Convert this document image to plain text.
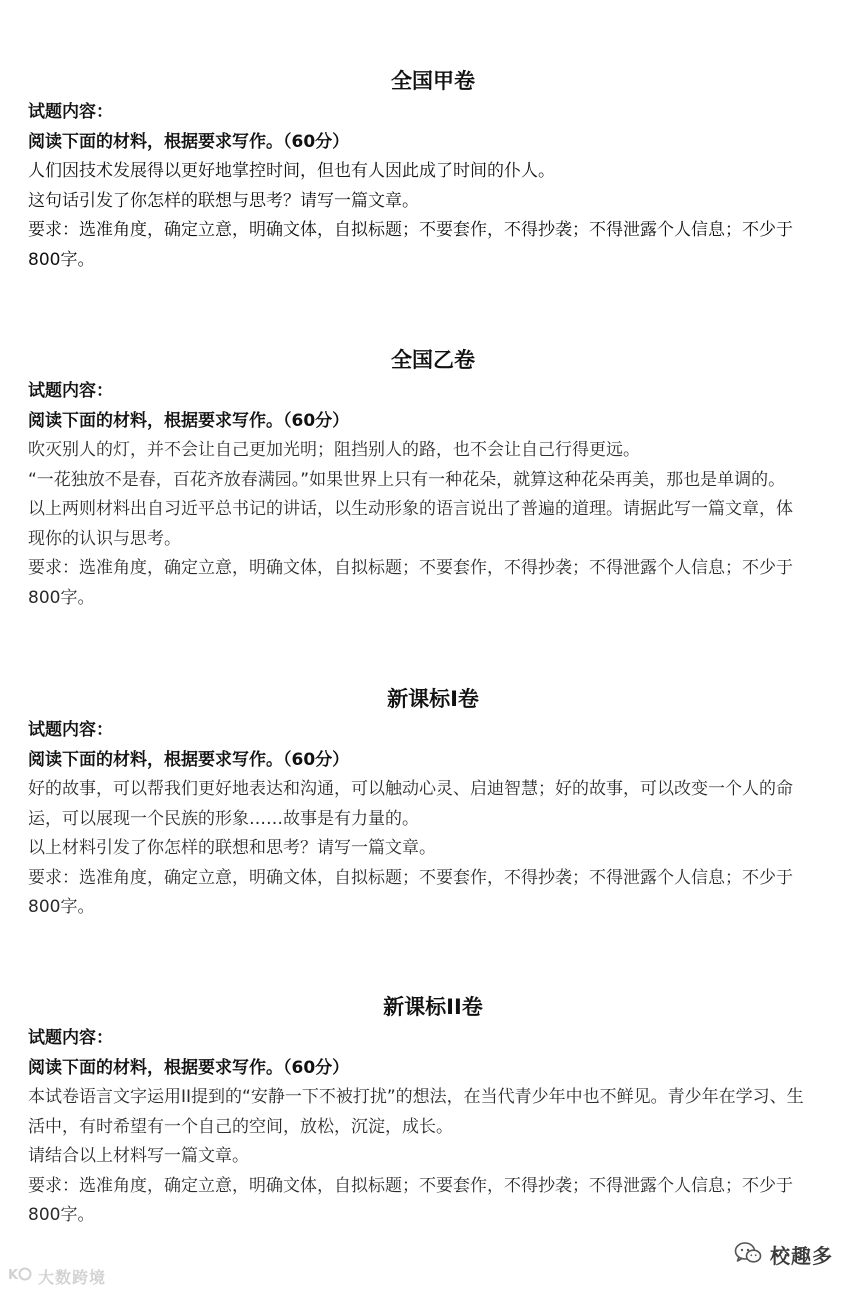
全国甲卷
试题内容：
阅读下面的材料，根据要求写作。（60分）

人们因技术发展得以更好地掌控时间，但也有人因此成了时间的仆人。

这句话引发了你怎样的联想与思考？请写一篇文章。

要求：选准角度，确定立意，明确文体，自拟标题；不要套作，不得抄袭；不得泄露个人信息；不少于800字。

全国乙卷
试题内容：
阅读下面的材料，根据要求写作。（60分）

吹灭别人的灯，并不会让自己更加光明；阻挡别人的路，也不会让自己行得更远。

“一花独放不是春，百花齐放春满园。”如果世界上只有一种花朵，就算这种花朵再美，那也是单调的。

以上两则材料出自习近平总书记的讲话，以生动形象的语言说出了普遍的道理。请据此写一篇文章，体现你的认识与思考。

要求：选准角度，确定立意，明确文体，自拟标题；不要套作，不得抄袭；不得泄露个人信息；不少于800字。

新课标I卷
试题内容：
阅读下面的材料，根据要求写作。（60分）

好的故事，可以帮我们更好地表达和沟通，可以触动心灵、启迪智慧；好的故事，可以改变一个人的命运，可以展现一个民族的形象……故事是有力量的。

以上材料引发了你怎样的联想和思考？请写一篇文章。

要求：选准角度，确定立意，明确文体，自拟标题；不要套作，不得抄袭；不得泄露个人信息；不少于800字。

新课标II卷
试题内容：
阅读下面的材料，根据要求写作。（60分）

本试卷语言文字运用II提到的“安静一下不被打扰”的想法，在当代青少年中也不鲜见。青少年在学习、生活中，有时希望有一个自己的空间，放松，沉淀，成长。

请结合以上材料写一篇文章。

要求：选准角度，确定立意，明确文体，自拟标题；不要套作，不得抄袭；不得泄露个人信息；不少于800字。

校趣多
K 大数跨境
